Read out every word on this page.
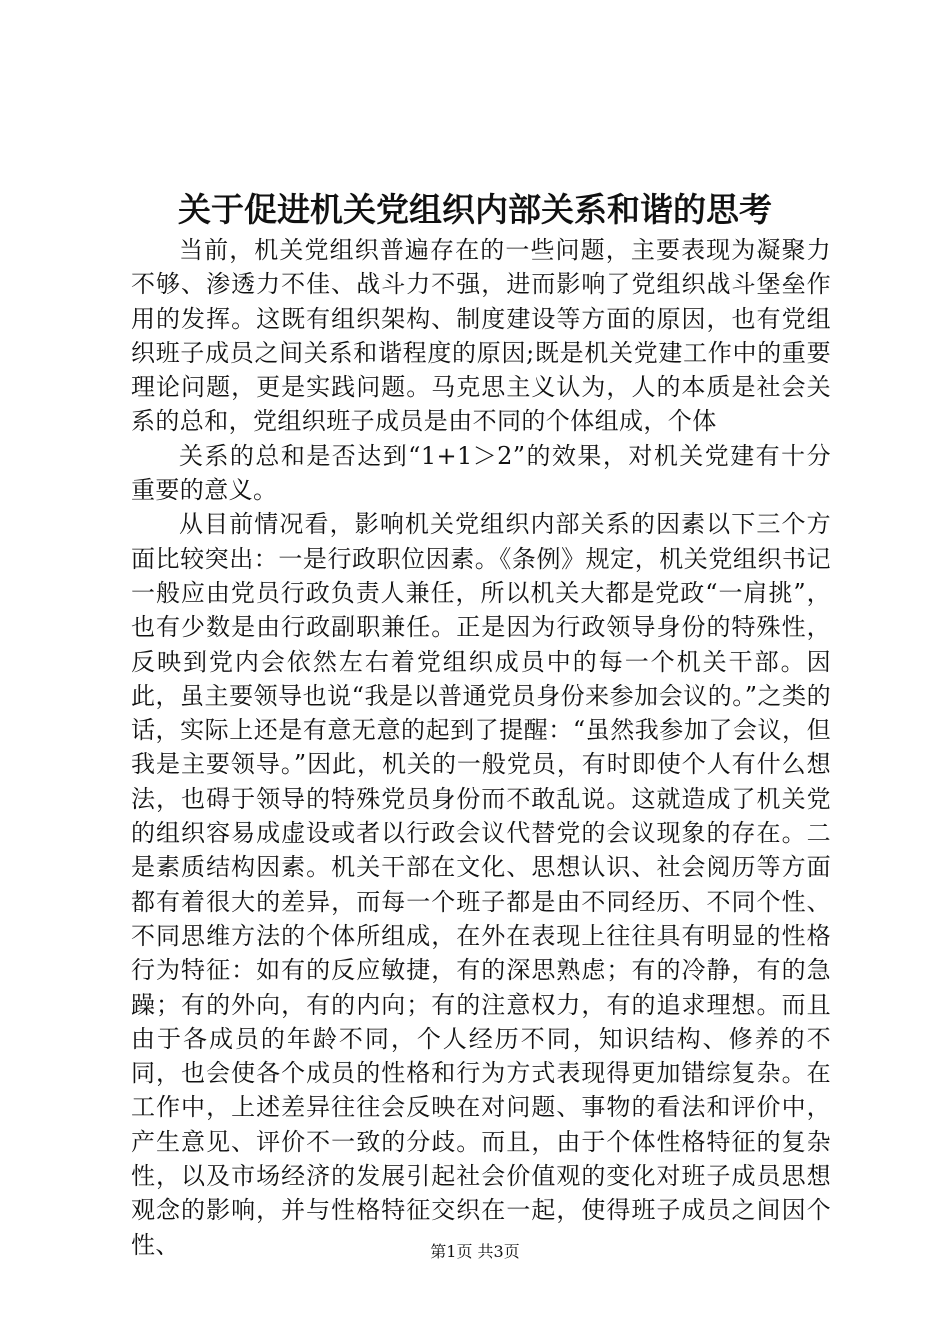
关于促进机关党组织内部关系和谐的思考

当前，机关党组织普遍存在的一些问题，主要表现为凝聚力不够、渗透力不佳、战斗力不强，进而影响了党组织战斗堡垒作用的发挥。这既有组织架构、制度建设等方面的原因，也有党组织班子成员之间关系和谐程度的原因;既是机关党建工作中的重要理论问题，更是实践问题。马克思主义认为，人的本质是社会关系的总和，党组织班子成员是由不同的个体组成，个体

关系的总和是否达到“1+1＞2”的效果，对机关党建有十分重要的意义。

从目前情况看，影响机关党组织内部关系的因素以下三个方面比较突出：一是行政职位因素。《条例》规定，机关党组织书记一般应由党员行政负责人兼任，所以机关大都是党政“一肩挑”，也有少数是由行政副职兼任。正是因为行政领导身份的特殊性，反映到党内会依然左右着党组织成员中的每一个机关干部。因此，虽主要领导也说“我是以普通党员身份来参加会议的。”之类的话，实际上还是有意无意的起到了提醒：“虽然我参加了会议，但我是主要领导。”因此，机关的一般党员，有时即使个人有什么想法，也碍于领导的特殊党员身份而不敢乱说。这就造成了机关党的组织容易成虚设或者以行政会议代替党的会议现象的存在。二是素质结构因素。机关干部在文化、思想认识、社会阅历等方面都有着很大的差异，而每一个班子都是由不同经历、不同个性、不同思维方法的个体所组成，在外在表现上往往具有明显的性格行为特征：如有的反应敏捷，有的深思熟虑；有的冷静，有的急躁；有的外向，有的内向；有的注意权力，有的追求理想。而且由于各成员的年龄不同，个人经历不同，知识结构、修养的不同，也会使各个成员的性格和行为方式表现得更加错综复杂。在工作中，上述差异往往会反映在对问题、事物的看法和评价中，产生意见、评价不一致的分歧。而且，由于个体性格特征的复杂性，以及市场经济的发展引起社会价值观的变化对班子成员思想观念的影响，并与性格特征交织在一起，使得班子成员之间因个性、	第1页 共3页
